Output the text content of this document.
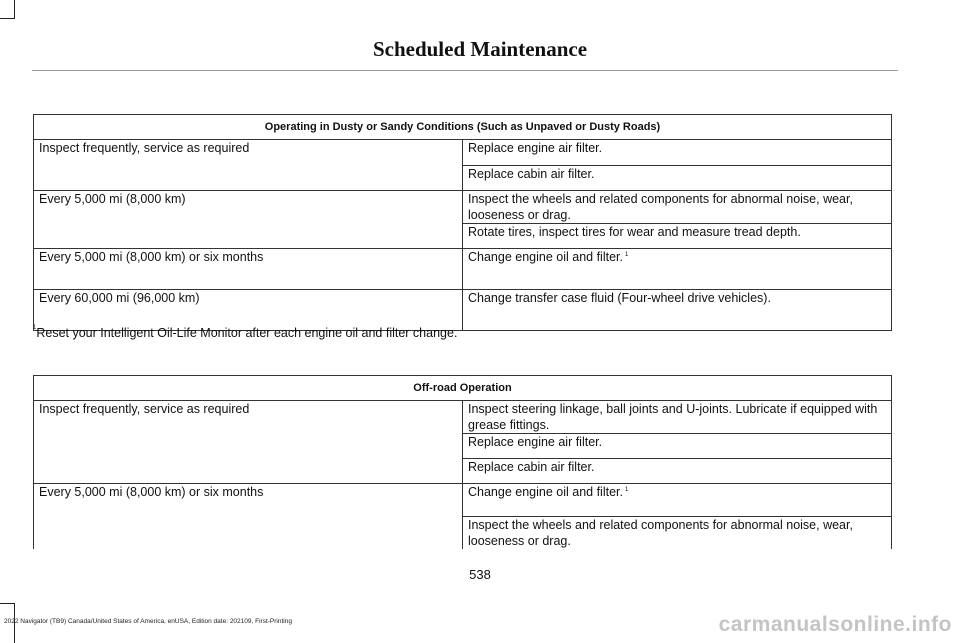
Scheduled Maintenance
Operating in Dusty or Sandy Conditions (Such as Unpaved or Dusty Roads)	
Inspect frequently, service as required	Replace engine air filter.
	Replace cabin air filter.
Every 5,000 mi (8,000 km)	Inspect the wheels and related components for abnormal noise, wear, looseness or drag.
	Rotate tires, inspect tires for wear and measure tread depth.
Every 5,000 mi (8,000 km) or six months	Change engine oil and filter. $^1$
Every 60,000 mi (96,000 km)	Change transfer case fluid (Four-wheel drive vehicles).
$^1$Reset your Intelligent Oil-Life Monitor after each engine oil and filter change.
Off-road Operation	
Inspect frequently, service as required	Inspect steering linkage, ball joints and U-joints. Lubricate if equipped with grease fittings.
	Replace engine air filter.
	Replace cabin air filter.
Every 5,000 mi (8,000 km) or six months	Change engine oil and filter. $^1$
	Inspect the wheels and related components for abnormal noise, wear, looseness or drag.
538
2022 Navigator (TB9) Canada/United States of America, enUSA, Edition date: 202109, First-Printing	carmanualsonline.info
